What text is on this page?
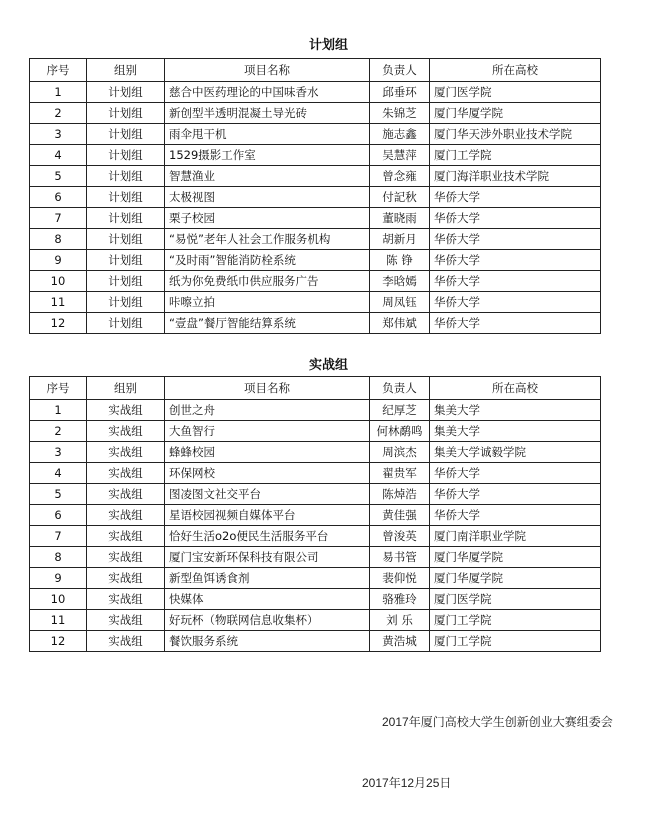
计划组
序号	组别	项目名称	负责人	所在高校
1	计划组	慈合中医药理论的中国味香水	邱垂环	厦门医学院
2	计划组	新创型半透明混凝土导光砖	朱锦芝	厦门华厦学院
3	计划组	雨伞甩干机	施志鑫	厦门华天涉外职业技术学院
4	计划组	1529摄影工作室	吴慧萍	厦门工学院
5	计划组	智慧渔业	曾念雍	厦门海洋职业技术学院
6	计划组	太极视图	付記秋	华侨大学
7	计划组	栗子校园	董晓雨	华侨大学
8	计划组	“易悦”老年人社会工作服务机构	胡新月	华侨大学
9	计划组	“及时雨”智能消防栓系统	陈 铮	华侨大学
10	计划组	纸为你免费纸巾供应服务广告	李晗嫣	华侨大学
11	计划组	咔嚓立拍	周凤钰	华侨大学
12	计划组	“壹盘”餐厅智能结算系统	郑伟斌	华侨大学
实战组
序号	组别	项目名称	负责人	所在高校
1	实战组	创世之舟	纪厚芝	集美大学
2	实战组	大鱼智行	何林鹬鸣	集美大学
3	实战组	蜂蜂校园	周滨杰	集美大学诚毅学院
4	实战组	环保网校	翟贵军	华侨大学
5	实战组	图凌图文社交平台	陈焯浩	华侨大学
6	实战组	星语校园视频自媒体平台	黄佳强	华侨大学
7	实战组	恰好生活o2o便民生活服务平台	曾浚英	厦门南洋职业学院
8	实战组	厦门宝安新环保科技有限公司	易书管	厦门华厦学院
9	实战组	新型鱼饵诱食剂	裴仰悦	厦门华厦学院
10	实战组	快媒体	骆雅玲	厦门医学院
11	实战组	好玩杯（物联网信息收集杯）	刘 乐	厦门工学院
12	实战组	餐饮服务系统	黄浩城	厦门工学院
2017年厦门高校大学生创新创业大赛组委会
2017年12月25日
